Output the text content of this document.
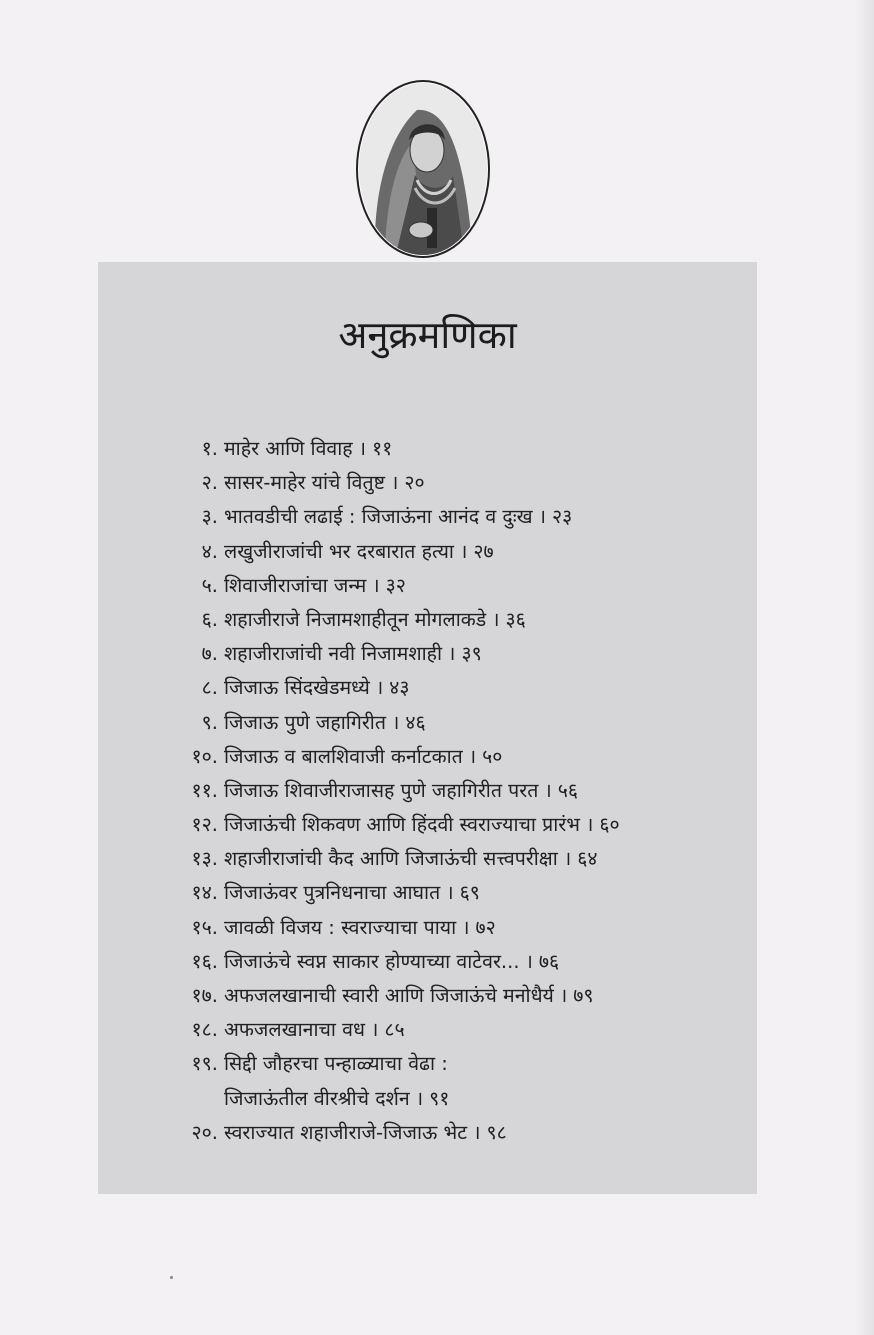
अनुक्रमणिका
१. माहेर आणि विवाह । ११
२. सासर-माहेर यांचे वितुष्ट । २०
३. भातवडीची लढाई : जिजाऊंना आनंद व दुःख । २३
४. लखुजीराजांची भर दरबारात हत्या । २७
५. शिवाजीराजांचा जन्म । ३२
६. शहाजीराजे निजामशाहीतून मोगलाकडे । ३६
७. शहाजीराजांची नवी निजामशाही । ३९
८. जिजाऊ सिंदखेडमध्ये । ४३
९. जिजाऊ पुणे जहागिरीत । ४६
१०. जिजाऊ व बालशिवाजी कर्नाटकात । ५०
११. जिजाऊ शिवाजीराजासह पुणे जहागिरीत परत । ५६
१२. जिजाऊंची शिकवण आणि हिंदवी स्वराज्याचा प्रारंभ । ६०
१३. शहाजीराजांची कैद आणि जिजाऊंची सत्त्वपरीक्षा । ६४
१४. जिजाऊंवर पुत्रनिधनाचा आघात । ६९
१५. जावळी विजय : स्वराज्याचा पाया । ७२
१६. जिजाऊंचे स्वप्न साकार होण्याच्या वाटेवर... । ७६
१७. अफजलखानाची स्वारी आणि जिजाऊंचे मनोधैर्य । ७९
१८. अफजलखानाचा वध । ८५
१९. सिद्दी जौहरचा पन्हाळ्याचा वेढा :
जिजाऊंतील वीरश्रीचे दर्शन । ९१
२०. स्वराज्यात शहाजीराजे-जिजाऊ भेट । ९८
